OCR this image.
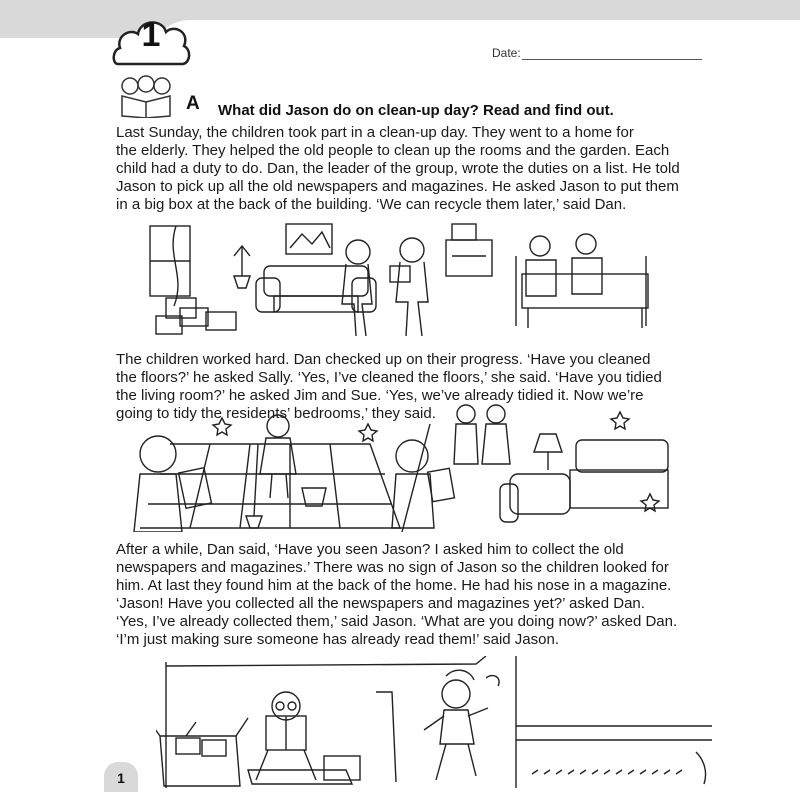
1	Date:
A What did Jason do on clean-up day? Read and find out.
Last Sunday, the children took part in a clean-up day. They went to a home for
the elderly. They helped the old people to clean up the rooms and the garden. Each
child had a duty to do. Dan, the leader of the group, wrote the duties on a list. He told
Jason to pick up all the old newspapers and magazines. He asked Jason to put them
in a big box at the back of the building. ‘We can recycle them later,’ said Dan.
The children worked hard. Dan checked up on their progress. ‘Have you cleaned
the floors?’ he asked Sally. ‘Yes, I’ve cleaned the floors,’ she said. ‘Have you tidied
the living room?’ he asked Jim and Sue. ‘Yes, we’ve already tidied it. Now we’re
going to tidy the residents’ bedrooms,’ they said.
After a while, Dan said, ‘Have you seen Jason? I asked him to collect the old
newspapers and magazines.’ There was no sign of Jason so the children looked for
him. At last they found him at the back of the home. He had his nose in a magazine.
‘Jason! Have you collected all the newspapers and magazines yet?’ asked Dan.
‘Yes, I’ve already collected them,’ said Jason. ‘What are you doing now?’ asked Dan.
‘I’m just making sure someone has already read them!’ said Jason.
1
